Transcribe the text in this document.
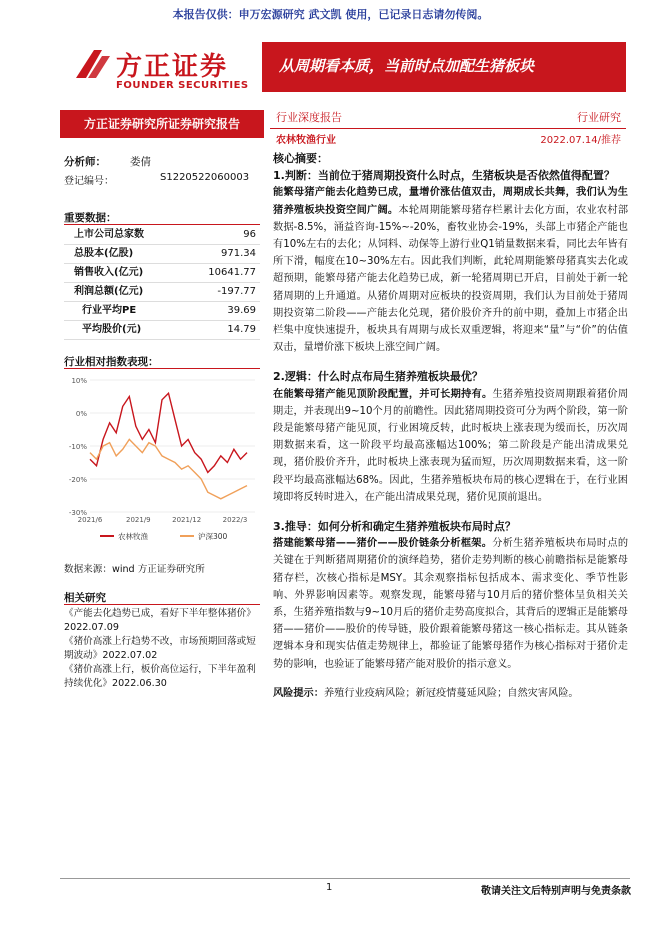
本报告仅供：申万宏源研究 武文凯 使用，已记录日志请勿传阅。
方正证券
FOUNDER SECURITIES
从周期看本质，当前时点加配生猪板块
方正证券研究所证券研究报告	行业深度报告	行业研究
农林牧渔行业	2022.07.14/推荐
分析师： 娄倩
登记编号：	S1220522060003
重要数据：
上市公司总家数	96
总股本(亿股)	971.34
销售收入(亿元)	10641.77
利润总额(亿元)	-197.77
行业平均PE	39.69
平均股价(元)	14.79
行业相对指数表现：
10%
0%
-10%
-20%
-30%
2021/6	2021/9	2021/12	2022/3
农林牧渔	沪深300
数据来源：wind 方正证券研究所
相关研究
《产能去化趋势已成，看好下半年整体猪价》2022.07.09
《猪价高涨上行趋势不改，市场预期回落或短期波动》2022.07.02
《猪价高涨上行，板价高位运行，下半年盈利持续优化》2022.06.30
核心摘要：
1.判断：当前位于猪周期投资什么时点，生猪板块是否依然值得配置？
能繁母猪产能去化趋势已成，量增价涨估值双击，周期成长共舞，我们认为生猪养殖板块投资空间广阔。本轮周期能繁母猪存栏累计去化方面，农业农村部数据-8.5%，涌益咨询-15%~-20%，畜牧业协会-19%，头部上市猪企产能也有10%左右的去化；从饲料、动保等上游行业Q1销量数据来看，同比去年皆有所下滑，幅度在10~30%左右。因此我们判断，此轮周期能繁母猪真实去化或超预期，能繁母猪产能去化趋势已成，新一轮猪周期已开启，目前处于新一轮猪周期的上升通道。从猪价周期对应板块的投资周期，我们认为目前处于猪周期投资第二阶段——产能去化兑现，猪价股价齐升的前中期，叠加上市猪企出栏集中度快速提升，板块具有周期与成长双重逻辑，将迎来“量”与“价”的估值双击，量增价涨下板块上涨空间广阔。
2.逻辑：什么时点布局生猪养殖板块最优？
在能繁母猪产能见顶阶段配置，并可长期持有。生猪养殖投资周期跟着猪价周期走，并表现出9~10个月的前瞻性。因此猪周期投资可分为两个阶段，第一阶段是能繁母猪产能见顶，行业困境反转，此时板块上涨表现为缓而长，历次周期数据来看，这一阶段平均最高涨幅达100%；第二阶段是产能出清成果兑现，猪价股价齐升，此时板块上涨表现为猛而短，历次周期数据来看，这一阶段平均最高涨幅达68%。因此，生猪养殖板块布局的核心逻辑在于，在行业困境即将反转时进入，在产能出清成果兑现，猪价见顶前退出。
3.推导：如何分析和确定生猪养殖板块布局时点？
搭建能繁母猪——猪价——股价链条分析框架。分析生猪养殖板块布局时点的关键在于判断猪周期猪价的演绎趋势，猪价走势判断的核心前瞻指标是能繁母猪存栏，次核心指标是MSY。其余观察指标包括成本、需求变化、季节性影响、外界影响因素等。观察发现，能繁母猪与10月后的猪价整体呈负相关关系，生猪养殖指数与9~10月后的猪价走势高度拟合，其背后的逻辑正是能繁母猪——猪价——股价的传导链，股价跟着能繁母猪这一核心指标走。其从链条逻辑本身和现实估值走势规律上，都验证了能繁母猪作为核心指标对于猪价走势的影响，也验证了能繁母猪产能对股价的指示意义。
风险提示：养殖行业疫病风险；新冠疫情蔓延风险；自然灾害风险。
1	敬请关注文后特别声明与免责条款
